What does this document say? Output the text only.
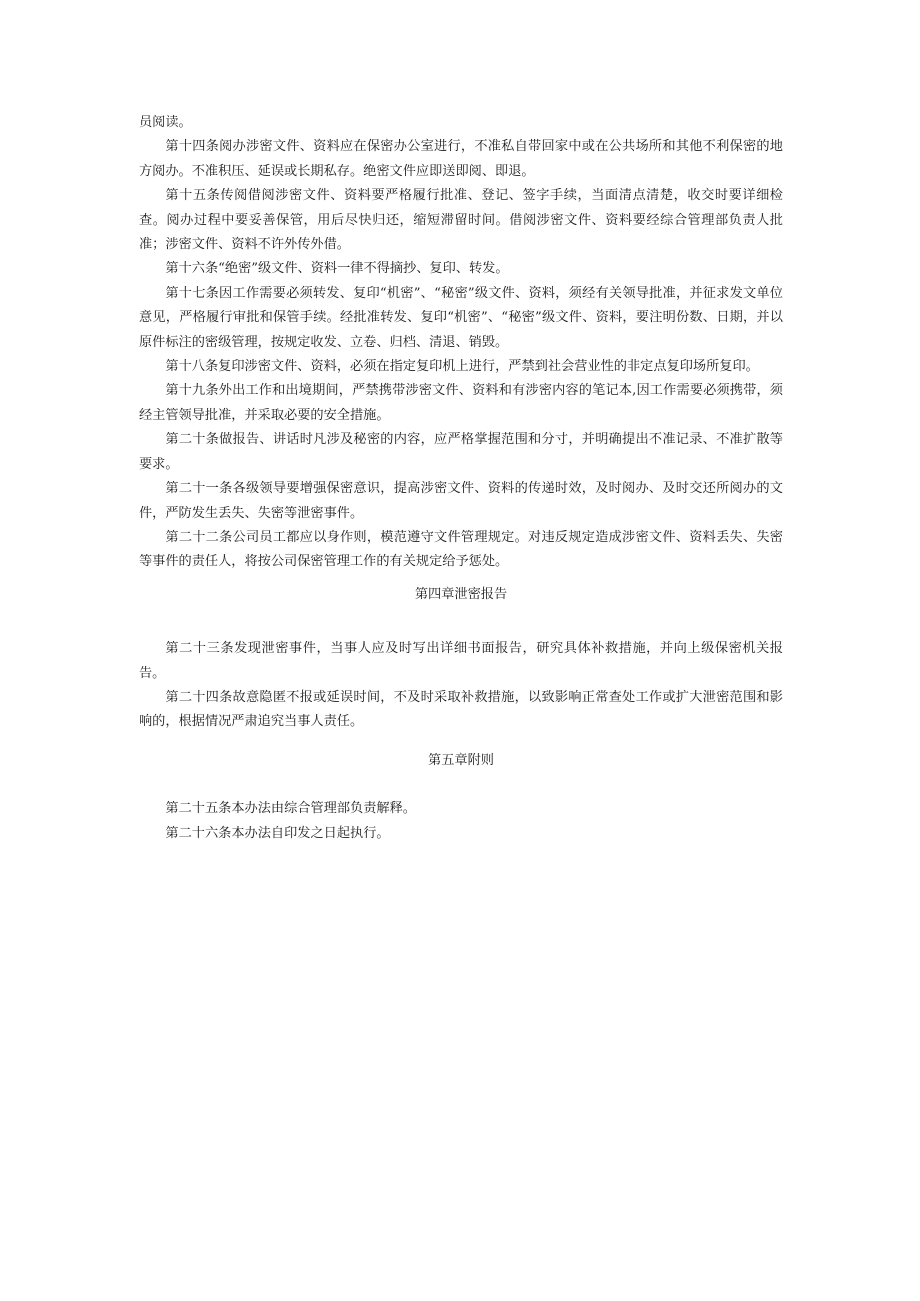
员阅读。

第十四条阅办涉密文件、资料应在保密办公室进行，不准私自带回家中或在公共场所和其他不利保密的地方阅办。不准积压、延误或长期私存。绝密文件应即送即阅、即退。

第十五条传阅借阅涉密文件、资料要严格履行批准、登记、签字手续，当面清点清楚，收交时要详细检查。阅办过程中要妥善保管，用后尽快归还，缩短滞留时间。借阅涉密文件、资料要经综合管理部负责人批准；涉密文件、资料不许外传外借。

第十六条“绝密”级文件、资料一律不得摘抄、复印、转发。

第十七条因工作需要必须转发、复印“机密”、“秘密”级文件、资料，须经有关领导批准，并征求发文单位意见，严格履行审批和保管手续。经批准转发、复印“机密”、“秘密”级文件、资料，要注明份数、日期，并以原件标注的密级管理，按规定收发、立卷、归档、清退、销毁。

第十八条复印涉密文件、资料，必须在指定复印机上进行，严禁到社会营业性的非定点复印场所复印。

第十九条外出工作和出境期间，严禁携带涉密文件、资料和有涉密内容的笔记本,因工作需要必须携带，须经主管领导批准，并采取必要的安全措施。

第二十条做报告、讲话时凡涉及秘密的内容，应严格掌握范围和分寸，并明确提出不准记录、不准扩散等要求。

第二十一条各级领导要增强保密意识，提高涉密文件、资料的传递时效，及时阅办、及时交还所阅办的文件，严防发生丢失、失密等泄密事件。

第二十二条公司员工都应以身作则，模范遵守文件管理规定。对违反规定造成涉密文件、资料丢失、失密等事件的责任人，将按公司保密管理工作的有关规定给予惩处。

第四章泄密报告

第二十三条发现泄密事件，当事人应及时写出详细书面报告，研究具体补救措施，并向上级保密机关报告。

第二十四条故意隐匿不报或延误时间，不及时采取补救措施，以致影响正常查处工作或扩大泄密范围和影响的，根据情况严肃追究当事人责任。

第五章附则

第二十五条本办法由综合管理部负责解释。

第二十六条本办法自印发之日起执行。
